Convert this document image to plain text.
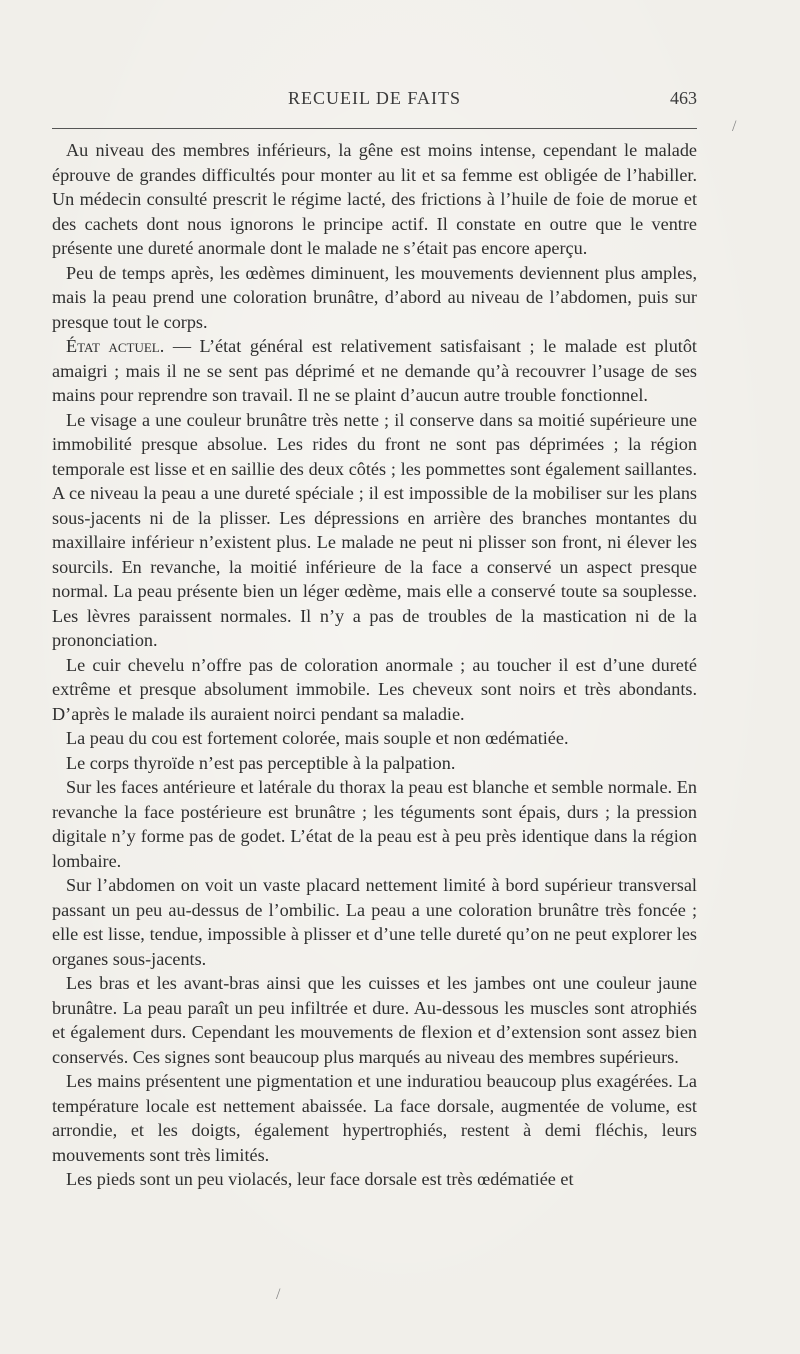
RECUEIL DE FAITS	463
/

Au niveau des membres inférieurs, la gêne est moins intense, cependant le malade éprouve de grandes difficultés pour monter au lit et sa femme est obligée de l’habiller. Un médecin consulté prescrit le régime lacté, des frictions à l’huile de foie de morue et des cachets dont nous ignorons le principe actif. Il constate en outre que le ventre présente une dureté anormale dont le malade ne s’était pas encore aperçu.

Peu de temps après, les œdèmes diminuent, les mouvements deviennent plus amples, mais la peau prend une coloration brunâtre, d’abord au niveau de l’abdomen, puis sur presque tout le corps.

État actuel. — L’état général est relativement satisfaisant ; le malade est plutôt amaigri ; mais il ne se sent pas déprimé et ne demande qu’à recouvrer l’usage de ses mains pour reprendre son travail. Il ne se plaint d’aucun autre trouble fonctionnel.

Le visage a une couleur brunâtre très nette ; il conserve dans sa moitié supérieure une immobilité presque absolue. Les rides du front ne sont pas déprimées ; la région temporale est lisse et en saillie des deux côtés ; les pommettes sont également saillantes. A ce niveau la peau a une dureté spéciale ; il est impossible de la mobiliser sur les plans sous-jacents ni de la plisser. Les dépressions en arrière des branches montantes du maxillaire inférieur n’existent plus. Le malade ne peut ni plisser son front, ni élever les sourcils. En revanche, la moitié inférieure de la face a conservé un aspect presque normal. La peau présente bien un léger œdème, mais elle a conservé toute sa souplesse. Les lèvres paraissent normales. Il n’y a pas de troubles de la mastication ni de la prononciation.

Le cuir chevelu n’offre pas de coloration anormale ; au toucher il est d’une dureté extrême et presque absolument immobile. Les cheveux sont noirs et très abondants. D’après le malade ils auraient noirci pendant sa maladie.

La peau du cou est fortement colorée, mais souple et non œdématiée.

Le corps thyroïde n’est pas perceptible à la palpation.

Sur les faces antérieure et latérale du thorax la peau est blanche et semble normale. En revanche la face postérieure est brunâtre ; les téguments sont épais, durs ; la pression digitale n’y forme pas de godet. L’état de la peau est à peu près identique dans la région lombaire.

Sur l’abdomen on voit un vaste placard nettement limité à bord supérieur transversal passant un peu au-dessus de l’ombilic. La peau a une coloration brunâtre très foncée ; elle est lisse, tendue, impossible à plisser et d’une telle dureté qu’on ne peut explorer les organes sous-jacents.

Les bras et les avant-bras ainsi que les cuisses et les jambes ont une couleur jaune brunâtre. La peau paraît un peu infiltrée et dure. Au-dessous les muscles sont atrophiés et également durs. Cependant les mouvements de flexion et d’extension sont assez bien conservés. Ces signes sont beaucoup plus marqués au niveau des membres supérieurs.

Les mains présentent une pigmentation et une induratiou beaucoup plus exagérées. La température locale est nettement abaissée. La face dorsale, augmentée de volume, est arrondie, et les doigts, également hypertrophiés, restent à demi fléchis, leurs mouvements sont très limités.

Les pieds sont un peu violacés, leur face dorsale est très œdématiée et

/
